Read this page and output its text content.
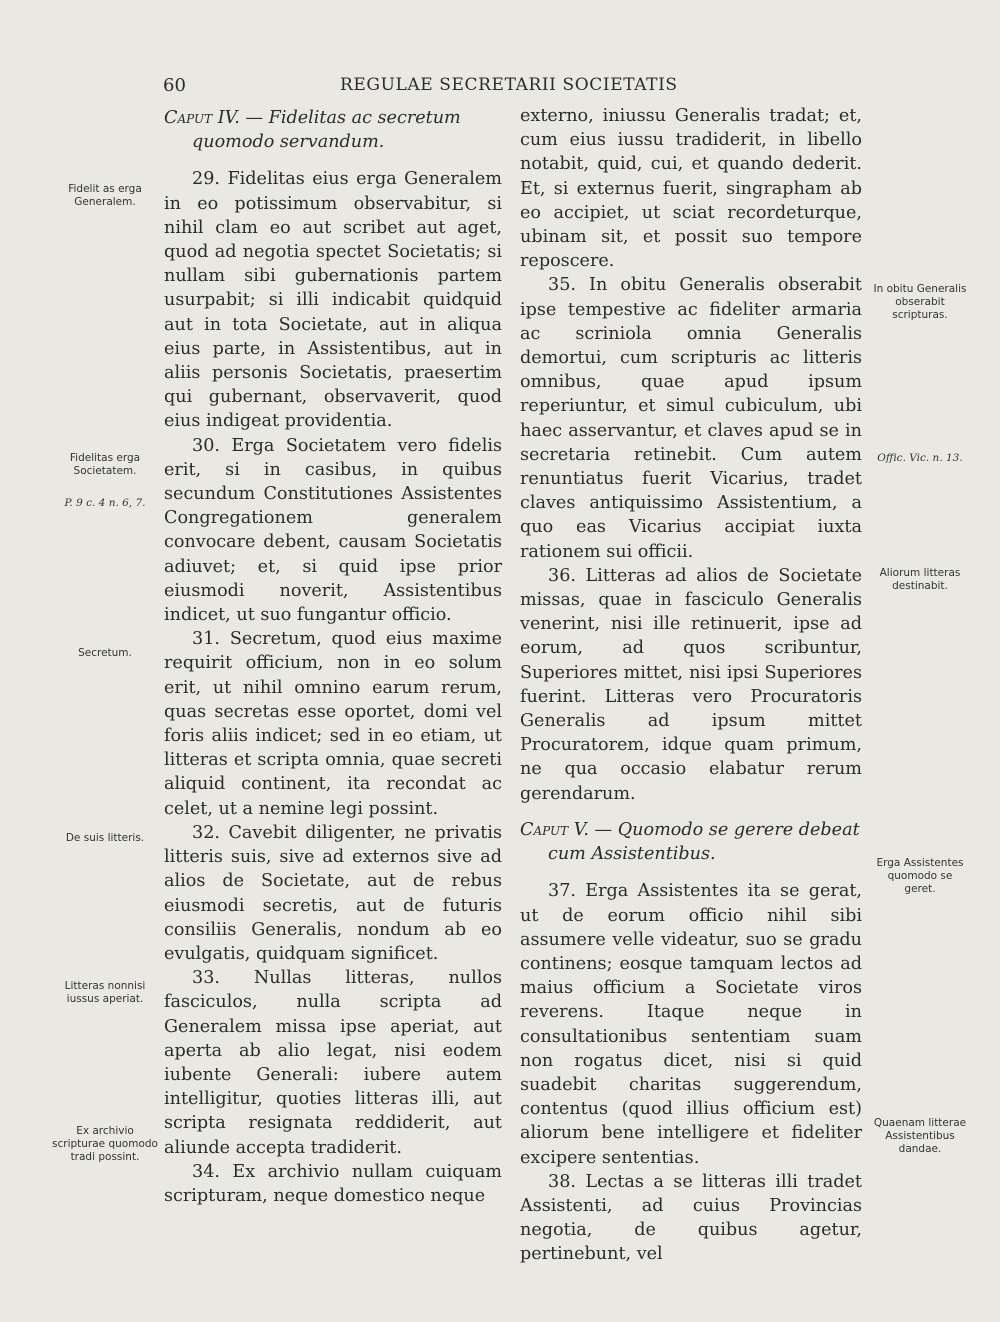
60	REGULAE SECRETARII SOCIETATIS
Fidelit as erga Generalem.
Fidelitas erga Societatem.
P. 9 c. 4 n. 6, 7.
Secretum.
De suis litteris.
Litteras nonnisi iussus aperiat.
Ex archivio scripturae quomodo tradi possint.
In obitu Generalis obserabit scripturas.
Offic. Vic. n. 13.
Aliorum litteras destinabit.
Erga Assistentes quomodo se geret.
Quaenam litterae Assistentibus dandae.

Caput IV. — Fidelitas ac secretum quomodo servandum.

29. Fidelitas eius erga Generalem in eo potissimum observabitur, si nihil clam eo aut scribet aut aget, quod ad negotia spectet Societatis; si nullam sibi gubernationis partem usurpabit; si illi indicabit quidquid aut in tota Societate, aut in aliqua eius parte, in Assistentibus, aut in aliis personis Societatis, praesertim qui gubernant, observaverit, quod eius indigeat providentia.

30. Erga Societatem vero fidelis erit, si in casibus, in quibus secundum Constitutiones Assistentes Congregationem generalem convocare debent, causam Societatis adiuvet; et, si quid ipse prior eiusmodi noverit, Assistentibus indicet, ut suo fungantur officio.

31. Secretum, quod eius maxime requirit officium, non in eo solum erit, ut nihil omnino earum rerum, quas secretas esse oportet, domi vel foris aliis indicet; sed in eo etiam, ut litteras et scripta omnia, quae secreti aliquid continent, ita recondat ac celet, ut a nemine legi possint.

32. Cavebit diligenter, ne privatis litteris suis, sive ad externos sive ad alios de Societate, aut de rebus eiusmodi secretis, aut de futuris consiliis Generalis, nondum ab eo evulgatis, quidquam significet.

33. Nullas litteras, nullos fasciculos, nulla scripta ad Generalem missa ipse aperiat, aut aperta ab alio legat, nisi eodem iubente Generali: iubere autem intelligitur, quoties litteras illi, aut scripta resignata reddiderit, aut aliunde accepta tradiderit.

34. Ex archivio nullam cuiquam scripturam, neque domestico neque

externo, iniussu Generalis tradat; et, cum eius iussu tradiderit, in libello notabit, quid, cui, et quando dederit. Et, si externus fuerit, singrapham ab eo accipiet, ut sciat recordeturque, ubinam sit, et possit suo tempore reposcere.

35. In obitu Generalis obserabit ipse tempestive ac fideliter armaria ac scriniola omnia Generalis demortui, cum scripturis ac litteris omnibus, quae apud ipsum reperiuntur, et simul cubiculum, ubi haec asservantur, et claves apud se in secretaria retinebit. Cum autem renuntiatus fuerit Vicarius, tradet claves antiquissimo Assistentium, a quo eas Vicarius accipiat iuxta rationem sui officii.

36. Litteras ad alios de Societate missas, quae in fasciculo Generalis venerint, nisi ille retinuerit, ipse ad eorum, ad quos scribuntur, Superiores mittet, nisi ipsi Superiores fuerint. Litteras vero Procuratoris Generalis ad ipsum mittet Procuratorem, idque quam primum, ne qua occasio elabatur rerum gerendarum.

Caput V. — Quomodo se gerere debeat cum Assistentibus.

37. Erga Assistentes ita se gerat, ut de eorum officio nihil sibi assumere velle videatur, suo se gradu continens; eosque tamquam lectos ad maius officium a Societate viros reverens. Itaque neque in consultationibus sententiam suam non rogatus dicet, nisi si quid suadebit charitas suggerendum, contentus (quod illius officium est) aliorum bene intelligere et fideliter excipere sententias.

38. Lectas a se litteras illi tradet Assistenti, ad cuius Provincias negotia, de quibus agetur, pertinebunt, vel
